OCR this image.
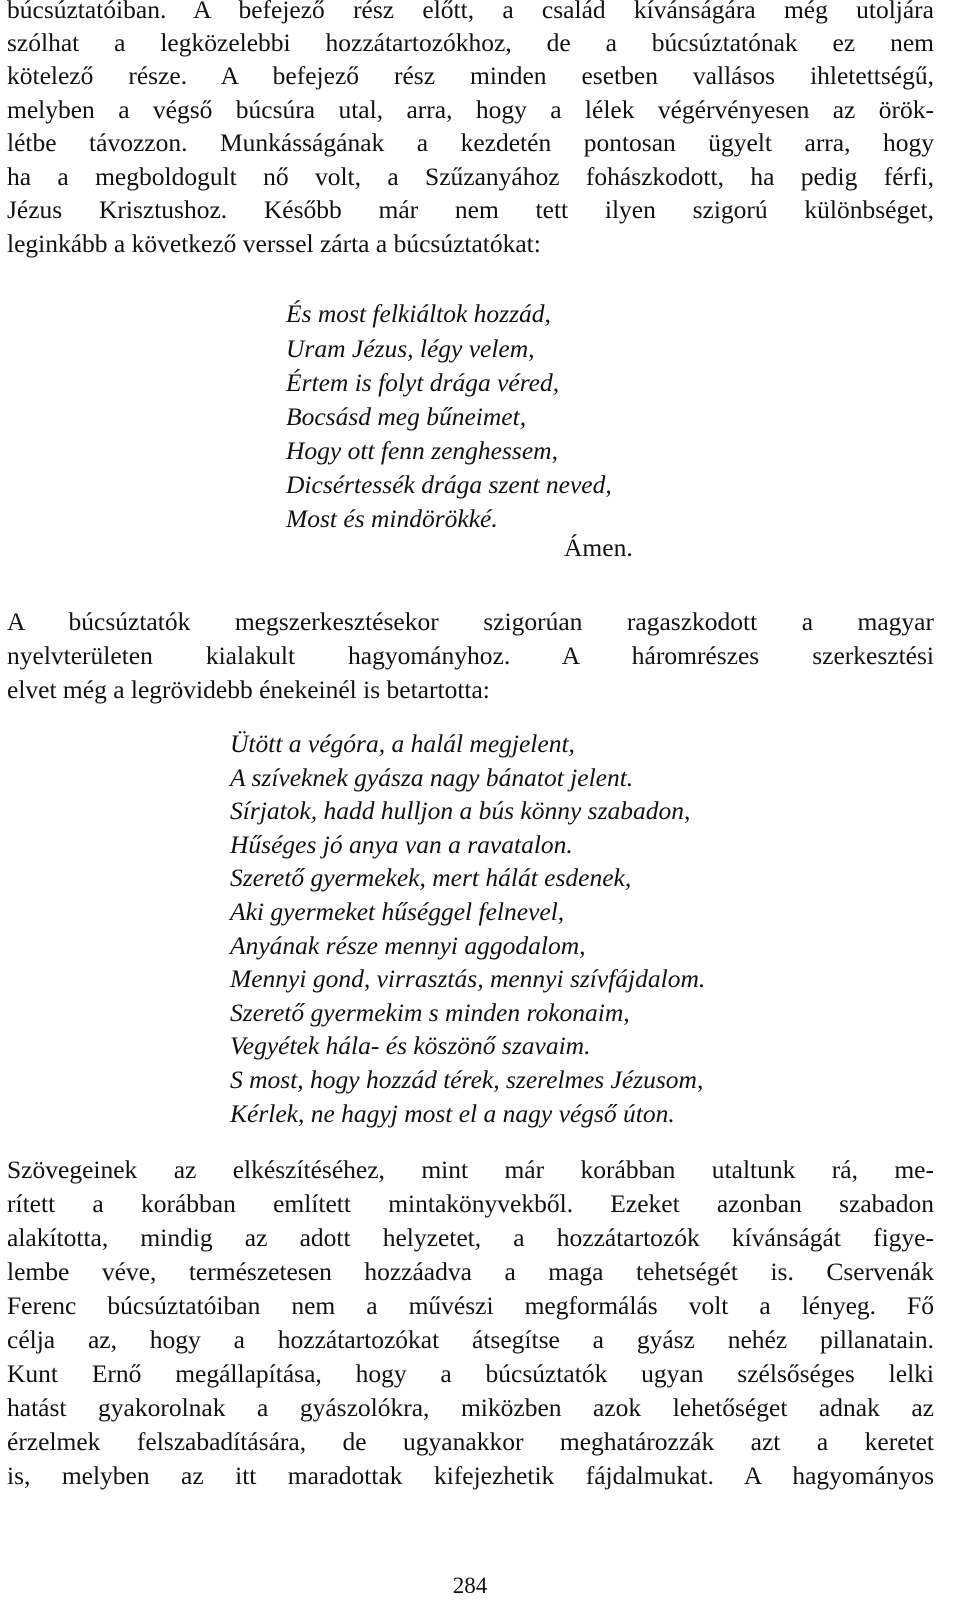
búcsúztatóiban. A befejező rész előtt, a család kívánságára még utoljára
szólhat a legközelebbi hozzátartozókhoz, de a búcsúztatónak ez nem
kötelező része. A befejező rész minden esetben vallásos ihletettségű,
melyben a végső búcsúra utal, arra, hogy a lélek végérvényesen az örök-
létbe távozzon. Munkásságának a kezdetén pontosan ügyelt arra, hogy
ha a megboldogult nő volt, a Szűzanyához fohászkodott, ha pedig férfi,
Jézus Krisztushoz. Később már nem tett ilyen szigorú különbséget,
leginkább a következő verssel zárta a búcsúztatókat:
És most felkiáltok hozzád,
Uram Jézus, légy velem,
Értem is folyt drága véred,
Bocsásd meg bűneimet,
Hogy ott fenn zenghessem,
Dicsértessék drága szent neved,
Most és mindörökké.
Ámen.
A búcsúztatók megszerkesztésekor szigorúan ragaszkodott a magyar
nyelvterületen kialakult hagyományhoz. A háromrészes szerkesztési
elvet még a legrövidebb énekeinél is betartotta:
Ütött a végóra, a halál megjelent,
A szíveknek gyásza nagy bánatot jelent.
Sírjatok, hadd hulljon a bús könny szabadon,
Hűséges jó anya van a ravatalon.
Szerető gyermekek, mert hálát esdenek,
Aki gyermeket hűséggel felnevel,
Anyának része mennyi aggodalom,
Mennyi gond, virrasztás, mennyi szívfájdalom.
Szerető gyermekim s minden rokonaim,
Vegyétek hála- és köszönő szavaim.
S most, hogy hozzád térek, szerelmes Jézusom,
Kérlek, ne hagyj most el a nagy végső úton.
Szövegeinek az elkészítéséhez, mint már korábban utaltunk rá, me-
rített a korábban említett mintakönyvekből. Ezeket azonban szabadon
alakította, mindig az adott helyzetet, a hozzátartozók kívánságát figye-
lembe véve, természetesen hozzáadva a maga tehetségét is. Cservenák
Ferenc búcsúztatóiban nem a művészi megformálás volt a lényeg. Fő
célja az, hogy a hozzátartozókat átsegítse a gyász nehéz pillanatain.
Kunt Ernő megállapítása, hogy a búcsúztatók ugyan szélsőséges lelki
hatást gyakorolnak a gyászolókra, miközben azok lehetőséget adnak az
érzelmek felszabadítására, de ugyanakkor meghatározzák azt a keretet
is, melyben az itt maradottak kifejezhetik fájdalmukat. A hagyományos
284
